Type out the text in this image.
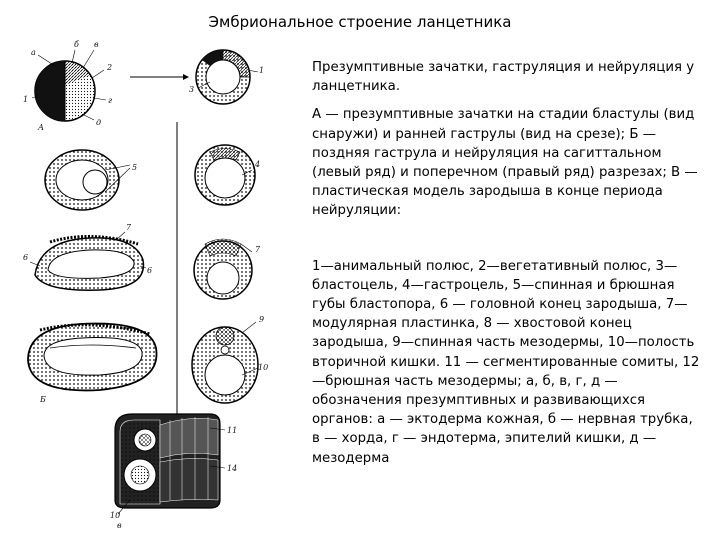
Эмбриональное строение ланцетника
а
б в
2
1	г
д
А
3
1
5
6
7
6
Б
4
7
9
10
11
14
10
в

Презумптивные зачатки, гаструляция и нейруляция у ланцетника.

А — презумптивные зачатки на стадии бластулы (вид снаружи) и ранней гаструлы (вид на срезе); Б — поздняя гаструла и нейруляция на сагиттальном (левый ряд) и поперечном (правый ряд) разрезах; В — пластическая модель зародыша в конце периода нейруляции:

1—анимальный полюс, 2—вегетативный полюс, 3—бластоцель, 4—гастроцель, 5—спинная и брюшная губы бластопора, 6 — головной конец зародыша, 7—модулярная пластинка, 8 — хвостовой конец зародыша, 9—спинная часть мезодермы, 10—полость вторичной кишки. 11 — сегментированные сомиты, 12—брюшная часть мезодермы; а, б, в, г, д — обозначения презумптивных и развивающихся органов: а — эктодерма кожная, б — нервная трубка, в — хорда, г — эндотерма, эпителий кишки, д —мезодерма
